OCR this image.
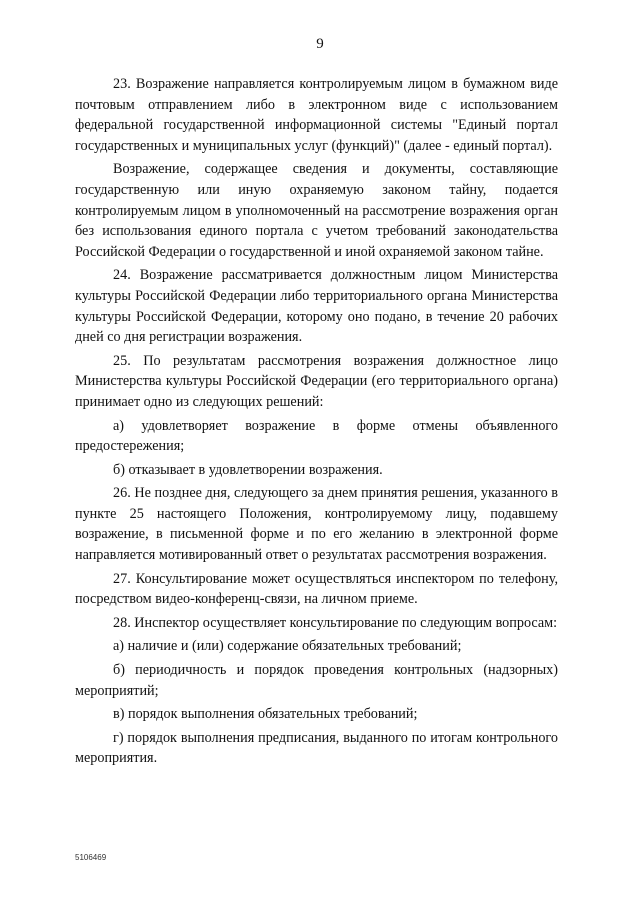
9

23. Возражение направляется контролируемым лицом в бумажном виде почтовым отправлением либо в электронном виде с использованием федеральной государственной информационной системы "Единый портал государственных и муниципальных услуг (функций)" (далее - единый портал).

Возражение, содержащее сведения и документы, составляющие государственную или иную охраняемую законом тайну, подается контролируемым лицом в уполномоченный на рассмотрение возражения орган без использования единого портала с учетом требований законодательства Российской Федерации о государственной и иной охраняемой законом тайне.

24. Возражение рассматривается должностным лицом Министерства культуры Российской Федерации либо территориального органа Министерства культуры Российской Федерации, которому оно подано, в течение 20 рабочих дней со дня регистрации возражения.

25. По результатам рассмотрения возражения должностное лицо Министерства культуры Российской Федерации (его территориального органа) принимает одно из следующих решений:

а) удовлетворяет возражение в форме отмены объявленного предостережения;

б) отказывает в удовлетворении возражения.

26. Не позднее дня, следующего за днем принятия решения, указанного в пункте 25 настоящего Положения, контролируемому лицу, подавшему возражение, в письменной форме и по его желанию в электронной форме направляется мотивированный ответ о результатах рассмотрения возражения.

27. Консультирование может осуществляться инспектором по телефону, посредством видео-конференц-связи, на личном приеме.

28. Инспектор осуществляет консультирование по следующим вопросам:

а) наличие и (или) содержание обязательных требований;

б) периодичность и порядок проведения контрольных (надзорных) мероприятий;

в) порядок выполнения обязательных требований;

г) порядок выполнения предписания, выданного по итогам контрольного мероприятия.

5106469
